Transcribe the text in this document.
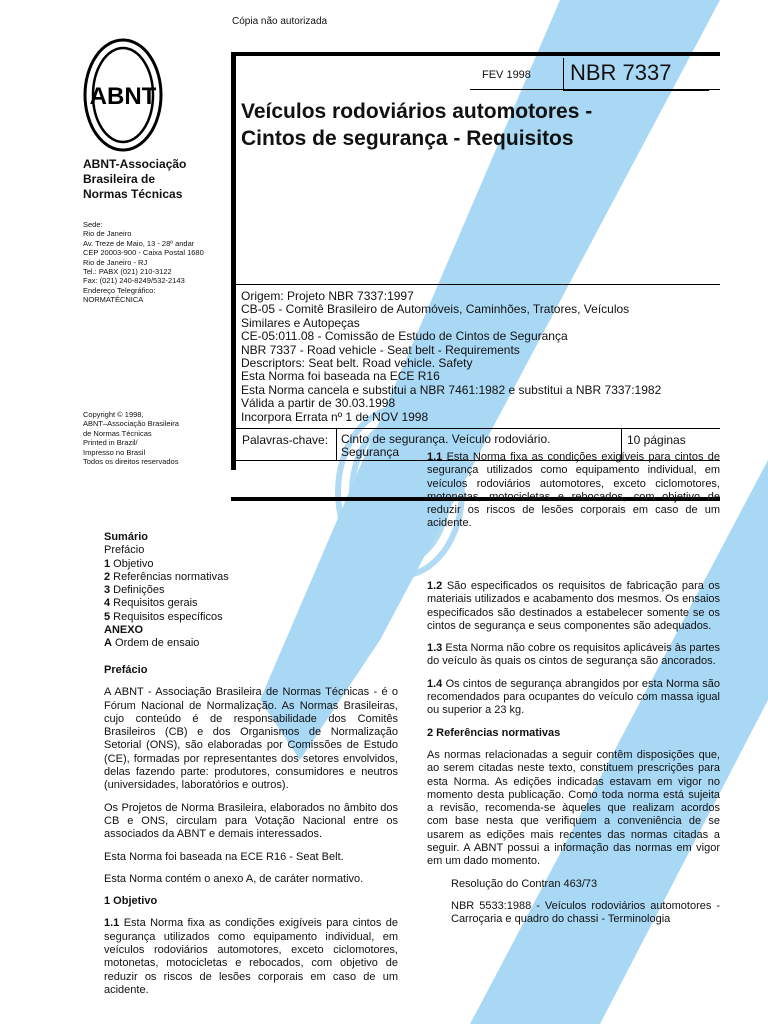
Cópia não autorizada
ABNT
ABNT-Associação
Brasileira de
Normas Técnicas
Sede:
Rio de Janeiro
Av. Treze de Maio, 13 - 28º andar
CEP 20003-900 - Caixa Postal 1680
Rio de Janeiro - RJ
Tel.: PABX (021) 210-3122
Fax: (021) 240-8249/532-2143
Endereço Telegráfico:
NORMATÉCNICA
Copyright © 1998,
ABNT–Associação Brasileira
de Normas Técnicas
Printed in Brazil/
Impresso no Brasil
Todos os direitos reservados
FEV 1998 NBR 7337
Veículos rodoviários automotores -
Cintos de segurança - Requisitos
Origem: Projeto NBR 7337:1997
CB-05 - Comitê Brasileiro de Automóveis, Caminhões, Tratores, Veículos
Similares e Autopeças
CE-05:011.08 - Comissão de Estudo de Cintos de Segurança
NBR 7337 - Road vehicle - Seat belt - Requirements
Descriptors: Seat belt. Road vehicle. Safety
Esta Norma foi baseada na ECE R16
Esta Norma cancela e substitui a NBR 7461:1982 e substitui a NBR 7337:1982
Válida a partir de 30.03.1998
Incorpora Errata nº 1 de NOV 1998
Palavras-chave: Cinto de segurança. Veículo rodoviário.
Segurança
10 páginas
Sumário
Prefácio
1 Objetivo
2 Referências normativas
3 Definições
4 Requisitos gerais
5 Requisitos específicos
ANEXO
A Ordem de ensaio

Prefácio

A ABNT - Associação Brasileira de Normas Técnicas - é o Fórum Nacional de Normalização. As Normas Brasileiras, cujo conteúdo é de responsabilidade dos Comitês Brasileiros (CB) e dos Organismos de Normalização Setorial (ONS), são elaboradas por Comissões de Estudo (CE), formadas por representantes dos setores envolvidos, delas fazendo parte: produtores, consumidores e neutros (universidades, laboratórios e outros).

Os Projetos de Norma Brasileira, elaborados no âmbito dos CB e ONS, circulam para Votação Nacional entre os associados da ABNT e demais interessados.

Esta Norma foi baseada na ECE R16 - Seat Belt.

Esta Norma contém o anexo A, de caráter normativo.

1 Objetivo

1.1 Esta Norma fixa as condições exigíveis para cintos de segurança utilizados como equipamento individual, em veículos rodoviários automotores, exceto ciclomotores, motonetas, motocicletas e rebocados, com objetivo de reduzir os riscos de lesões corporais em caso de um acidente.

1.1 Esta Norma fixa as condições exigíveis para cintos de segurança utilizados como equipamento individual, em veículos rodoviários automotores, exceto ciclomotores, motonetas, motocicletas e rebocados, com objetivo de reduzir os riscos de lesões corporais em caso de um acidente.

1.2 São especificados os requisitos de fabricação para os materiais utilizados e acabamento dos mesmos. Os ensaios especificados são destinados a estabelecer somente se os cintos de segurança e seus componentes são adequados.

1.3 Esta Norma não cobre os requisitos aplicáveis às partes do veículo às quais os cintos de segurança são ancorados.

1.4 Os cintos de segurança abrangidos por esta Norma são recomendados para ocupantes do veículo com massa igual ou superior a 23 kg.

2 Referências normativas

As normas relacionadas a seguir contêm disposições que, ao serem citadas neste texto, constituem prescrições para esta Norma. As edições indicadas estavam em vigor no momento desta publicação. Como toda norma está sujeita a revisão, recomenda-se àqueles que realizam acordos com base nesta que verifiquem a conveniência de se usarem as edições mais recentes das normas citadas a seguir. A ABNT possui a informação das normas em vigor em um dado momento.

Resolução do Contran 463/73

NBR 5533:1988 - Veículos rodoviários automotores - Carroçaria e quadro do chassi - Terminologia
